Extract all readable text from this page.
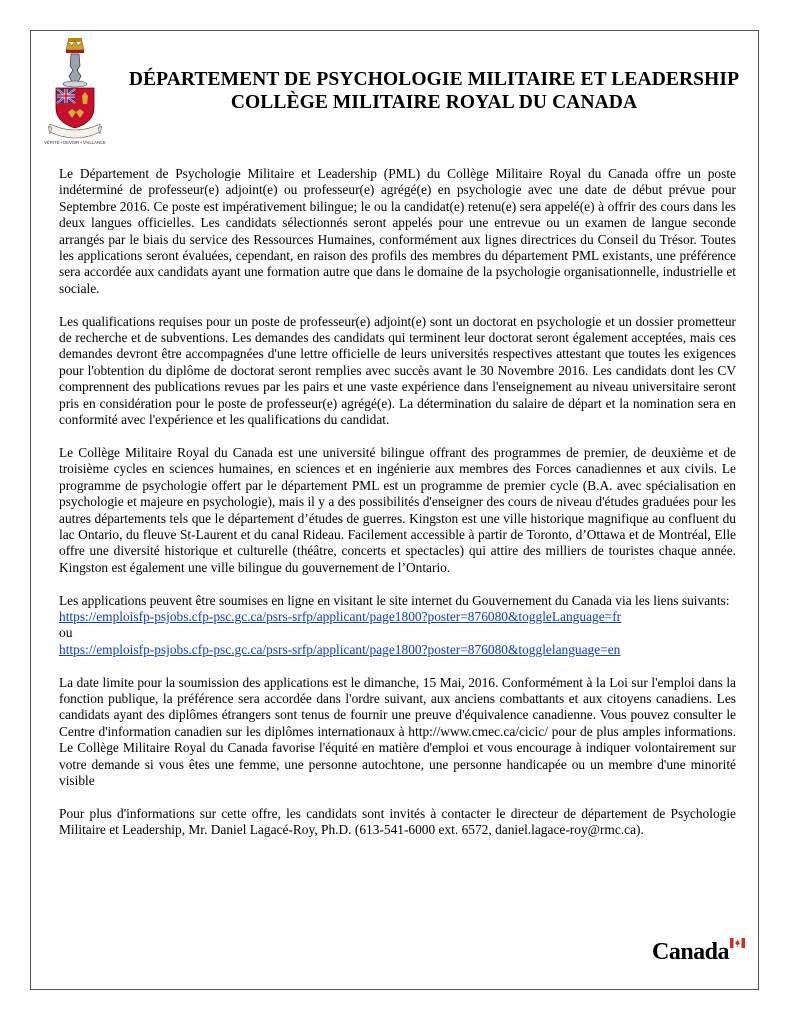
VÉRITÉ • DEVOIR • VAILLANCE
DÉPARTEMENT DE PSYCHOLOGIE MILITAIRE ET LEADERSHIP
COLLÈGE MILITAIRE ROYAL DU CANADA

Le Département de Psychologie Militaire et Leadership (PML) du Collège Militaire Royal du Canada offre un poste indéterminé de professeur(e) adjoint(e) ou professeur(e) agrégé(e) en psychologie avec une date de début prévue pour Septembre 2016. Ce poste est impérativement bilingue; le ou la candidat(e) retenu(e) sera appelé(e) à offrir des cours dans les deux langues officielles. Les candidats sélectionnés seront appelés pour une entrevue ou un examen de langue seconde arrangés par le biais du service des Ressources Humaines, conformément aux lignes directrices du Conseil du Trésor. Toutes les applications seront évaluées, cependant, en raison des profils des membres du département PML existants, une préférence sera accordée aux candidats ayant une formation autre que dans le domaine de la psychologie organisationnelle, industrielle et sociale.

Les qualifications requises pour un poste de professeur(e) adjoint(e) sont un doctorat en psychologie et un dossier prometteur de recherche et de subventions. Les demandes des candidats qui terminent leur doctorat seront également acceptées, mais ces demandes devront être accompagnées d'une lettre officielle de leurs universités respectives attestant que toutes les exigences pour l'obtention du diplôme de doctorat seront remplies avec succès avant le 30 Novembre 2016. Les candidats dont les CV comprennent des publications revues par les pairs et une vaste expérience dans l'enseignement au niveau universitaire seront pris en considération pour le poste de professeur(e) agrégé(e). La détermination du salaire de départ et la nomination sera en conformité avec l'expérience et les qualifications du candidat.

Le Collège Militaire Royal du Canada est une université bilingue offrant des programmes de premier, de deuxième et de troisième cycles en sciences humaines, en sciences et en ingénierie aux membres des Forces canadiennes et aux civils. Le programme de psychologie offert par le département PML est un programme de premier cycle (B.A. avec spécialisation en psychologie et majeure en psychologie), mais il y a des possibilités d'enseigner des cours de niveau d'études graduées pour les autres départements tels que le département d’études de guerres. Kingston est une ville historique magnifique au confluent du lac Ontario, du fleuve St-Laurent et du canal Rideau. Facilement accessible à partir de Toronto, d’Ottawa et de Montréal, Elle offre une diversité historique et culturelle (théâtre, concerts et spectacles) qui attire des milliers de touristes chaque année. Kingston est également une ville bilingue du gouvernement de l’Ontario.

Les applications peuvent être soumises en ligne en visitant le site internet du Gouvernement du Canada via les liens suivants:
https://emploisfp-psjobs.cfp-psc.gc.ca/psrs-srfp/applicant/page1800?poster=876080&toggleLanguage=fr
ou
https://emploisfp-psjobs.cfp-psc.gc.ca/psrs-srfp/applicant/page1800?poster=876080&togglelanguage=en

La date limite pour la soumission des applications est le dimanche, 15 Mai, 2016. Conformément à la Loi sur l'emploi dans la fonction publique, la préférence sera accordée dans l'ordre suivant, aux anciens combattants et aux citoyens canadiens. Les candidats ayant des diplômes étrangers sont tenus de fournir une preuve d'équivalence canadienne. Vous pouvez consulter le Centre d'information canadien sur les diplômes internationaux à http://www.cmec.ca/cicic/ pour de plus amples informations. Le Collège Militaire Royal du Canada favorise l'équité en matière d'emploi et vous encourage à indiquer volontairement sur votre demande si vous êtes une femme, une personne autochtone, une personne handicapée ou un membre d'une minorité visible

Pour plus d'informations sur cette offre, les candidats sont invités à contacter le directeur de département de Psychologie Militaire et Leadership, Mr. Daniel Lagacé-Roy, Ph.D. (613-541-6000 ext. 6572, daniel.lagace-roy@rmc.ca).

Canada
